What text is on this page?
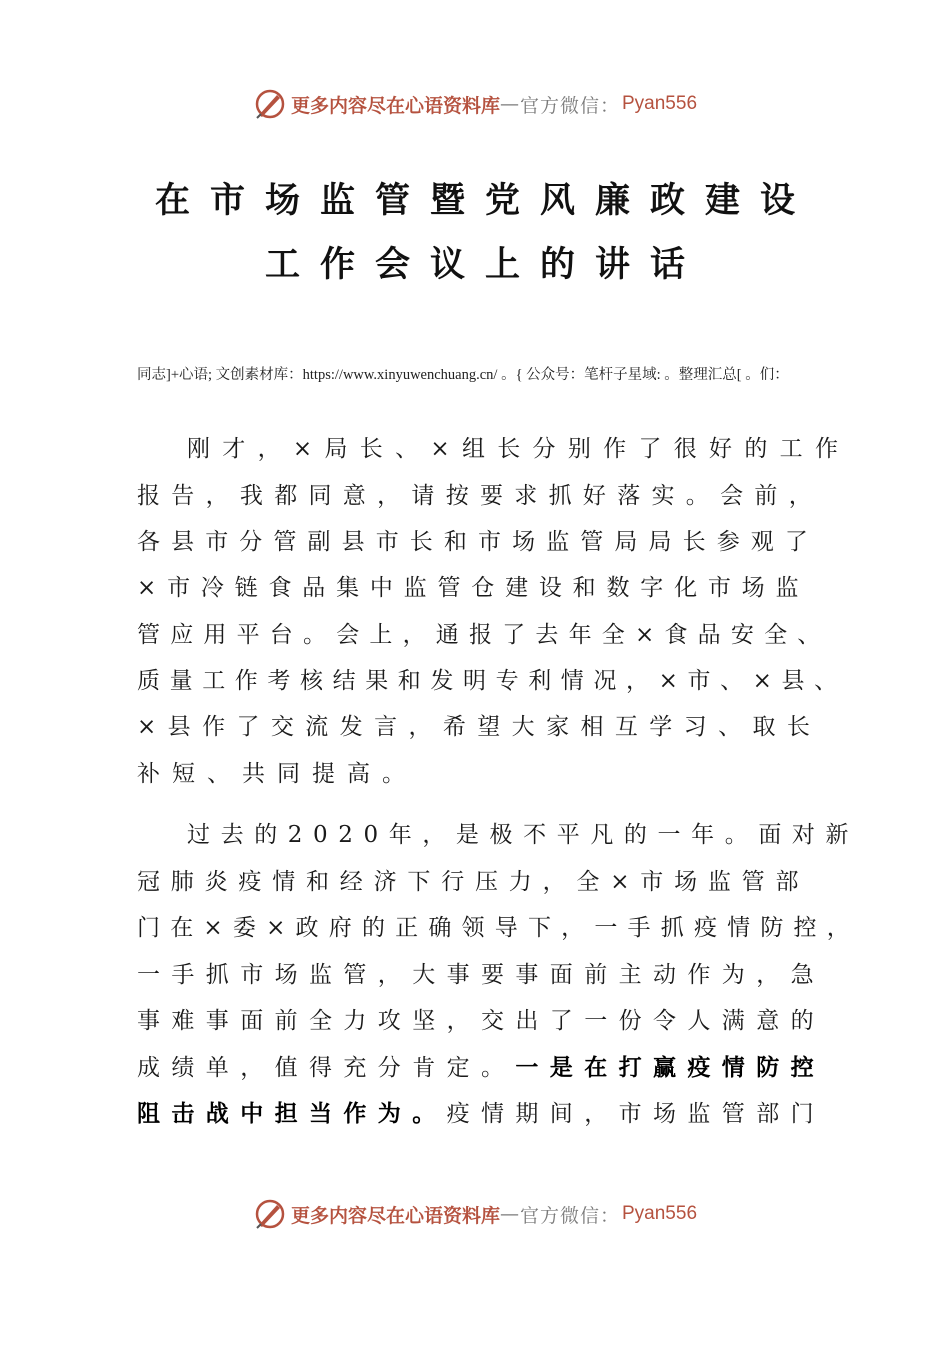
更多内容尽在心语资料库 — 官方微信： Pyan556
在市场监管暨党风廉政建设
工作会议上的讲话
同志]+心语; 文创素材库：https://www.xinyuwenchuang.cn/ 。{ 公众号：笔杆子星域: 。整理汇总[ 。们：
刚才，×局长、×组长分别作了很好的工作
报告，我都同意，请按要求抓好落实。会前，
各县市分管副县市长和市场监管局局长参观了
×市冷链食品集中监管仓建设和数字化市场监
管应用平台。会上，通报了去年全×食品安全、
质量工作考核结果和发明专利情况，×市、×县、
×县作了交流发言，希望大家相互学习、取长
补短、共同提高。
过去的2020年，是极不平凡的一年。面对新
冠肺炎疫情和经济下行压力，全×市场监管部
门在×委×政府的正确领导下，一手抓疫情防控，
一手抓市场监管，大事要事面前主动作为，急
事难事面前全力攻坚，交出了一份令人满意的
成绩单，值得充分肯定。一是在打赢疫情防控
阻击战中担当作为。疫情期间，市场监管部门
更多内容尽在心语资料库 — 官方微信： Pyan556
